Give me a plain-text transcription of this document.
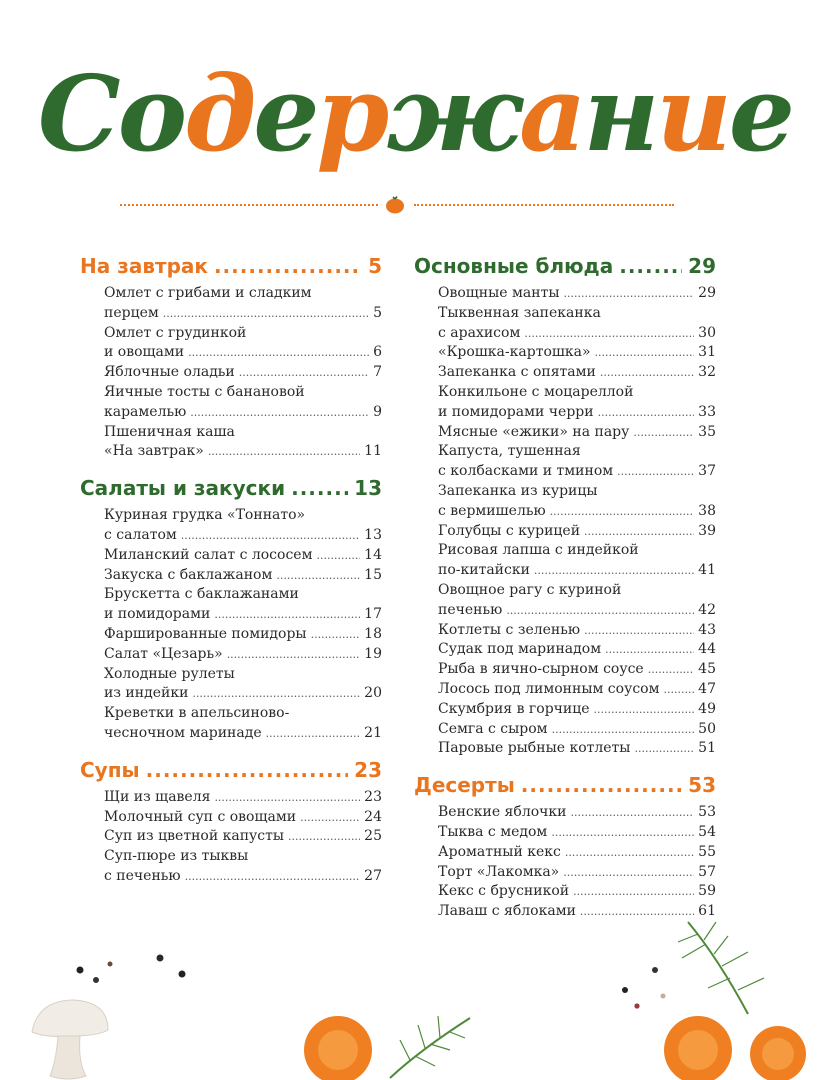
Содержание
На завтрак .....	5
Омлет с грибами и сладким
перцем .....	5
Омлет с грудинкой
и овощами .....	6
Яблочные оладьи .....	7
Яичные тосты с банановой
карамелью .....	9
Пшеничная каша
«На завтрак» .....	11
Салаты и закуски .....	13
Куриная грудка «Тоннато»
с салатом .....	13
Миланский салат с лососем .....	14
Закуска с баклажаном .....	15
Брускетта с баклажанами
и помидорами .....	17
Фаршированные помидоры .....	18
Салат «Цезарь» .....	19
Холодные рулеты
из индейки .....	20
Креветки в апельсиново-
чесночном маринаде .....	21
Супы .....	23
Щи из щавеля .....	23
Молочный суп с овощами .....	24
Суп из цветной капусты .....	25
Суп-пюре из тыквы
с печенью .....	27
Основные блюда .....	29
Овощные манты .....	29
Тыквенная запеканка
с арахисом .....	30
«Крошка-картошка» .....	31
Запеканка с опятами .....	32
Конкильоне с моцареллой
и помидорами черри .....	33
Мясные «ежики» на пару .....	35
Капуста, тушенная
с колбасками и тмином .....	37
Запеканка из курицы
с вермишелью .....	38
Голубцы с курицей .....	39
Рисовая лапша с индейкой
по-китайски .....	41
Овощное рагу с куриной
печенью .....	42
Котлеты с зеленью .....	43
Судак под маринадом .....	44
Рыба в яично-сырном соусе .....	45
Лосось под лимонным соусом .....	47
Скумбрия в горчице .....	49
Семга с сыром .....	50
Паровые рыбные котлеты .....	51
Десерты .....	53
Венские яблочки .....	53
Тыква с медом .....	54
Ароматный кекс .....	55
Торт «Лакомка» .....	57
Кекс с брусникой .....	59
Лаваш с яблоками .....	61
